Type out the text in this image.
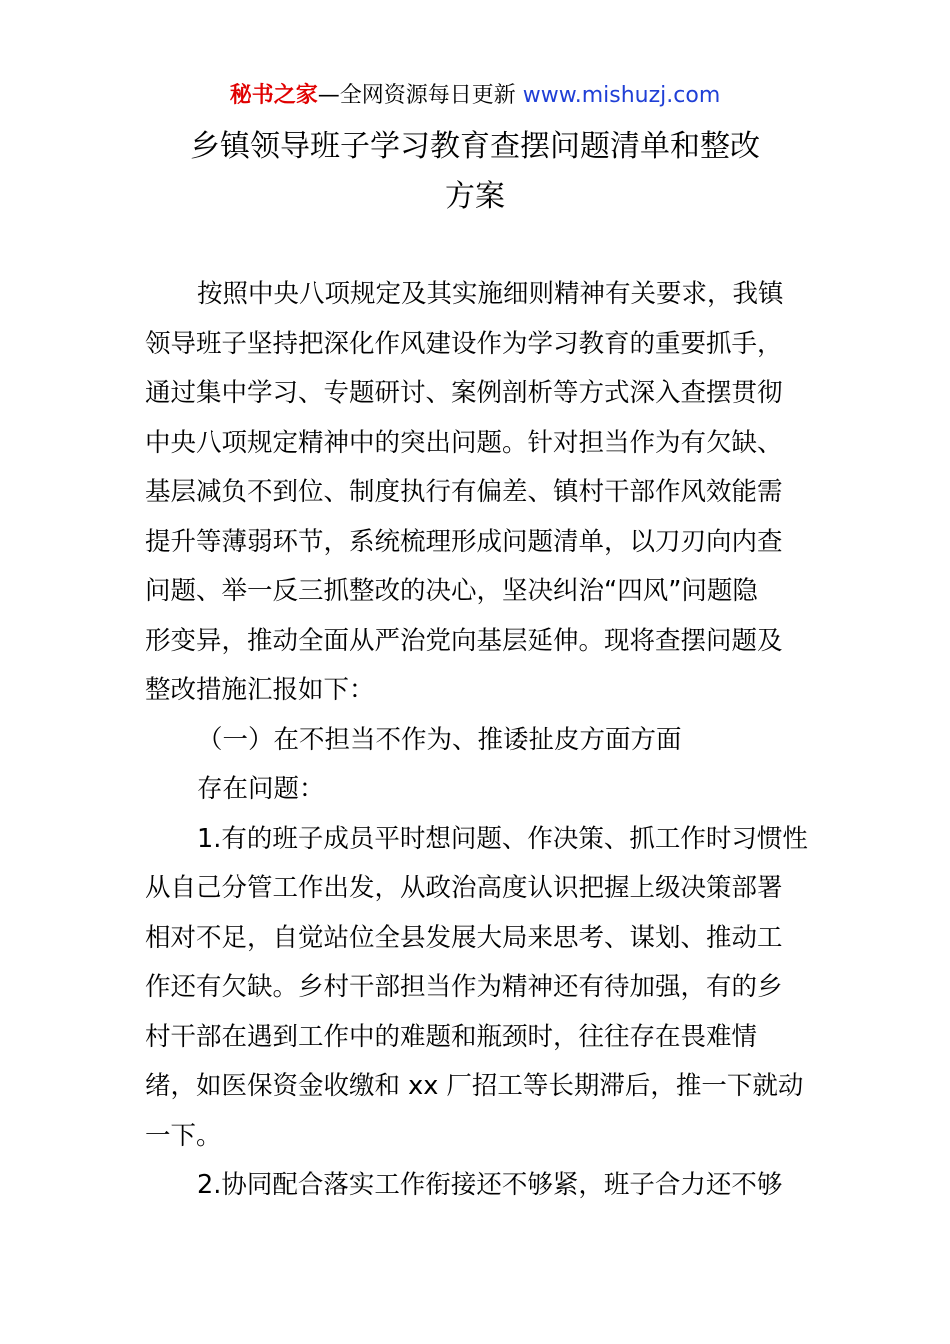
秘书之家—全网资源每日更新 www.mishuzj.com
乡镇领导班子学习教育查摆问题清单和整改
方案
按照中央八项规定及其实施细则精神有关要求，我镇
领导班子坚持把深化作风建设作为学习教育的重要抓手，
通过集中学习、专题研讨、案例剖析等方式深入查摆贯彻
中央八项规定精神中的突出问题。针对担当作为有欠缺、
基层减负不到位、制度执行有偏差、镇村干部作风效能需
提升等薄弱环节，系统梳理形成问题清单，以刀刃向内查
问题、举一反三抓整改的决心，坚决纠治“四风”问题隐
形变异，推动全面从严治党向基层延伸。现将查摆问题及
整改措施汇报如下：
（一）在不担当不作为、推诿扯皮方面方面
存在问题：
1.有的班子成员平时想问题、作决策、抓工作时习惯性
从自己分管工作出发，从政治高度认识把握上级决策部署
相对不足，自觉站位全县发展大局来思考、谋划、推动工
作还有欠缺。乡村干部担当作为精神还有待加强，有的乡
村干部在遇到工作中的难题和瓶颈时，往往存在畏难情
绪，如医保资金收缴和 xx 厂招工等长期滞后，推一下就动
一下。
2.协同配合落实工作衔接还不够紧，班子合力还不够
